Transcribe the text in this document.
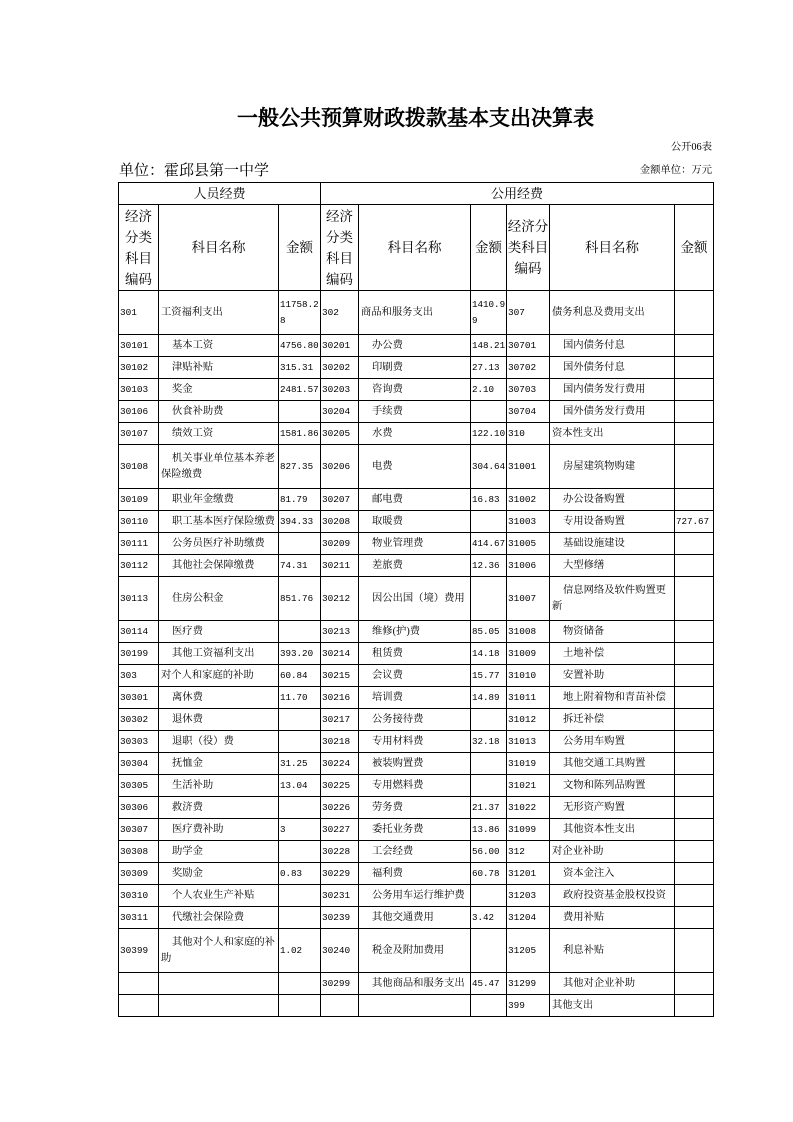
一般公共预算财政拨款基本支出决算表
公开06表
单位：霍邱县第一中学	金额单位：万元
人员经费			公用经费					
经济分类科目编码	科目名称	金额	经济分类科目编码	科目名称	金额	经济分类科目编码	科目名称	金额
301	工资福利支出	11758.28	302	商品和服务支出	1410.99	307	债务利息及费用支出	
30101	基本工资	4756.80	30201	办公费	148.21	30701	国内债务付息	
30102	津贴补贴	315.31	30202	印刷费	27.13	30702	国外债务付息	
30103	奖金	2481.57	30203	咨询费	2.10	30703	国内债务发行费用	
30106	伙食补助费		30204	手续费		30704	国外债务发行费用	
30107	绩效工资	1581.86	30205	水费	122.10	310	资本性支出	
30108	机关事业单位基本养老保险缴费	827.35	30206	电费	304.64	31001	房屋建筑物购建	
30109	职业年金缴费	81.79	30207	邮电费	16.83	31002	办公设备购置	
30110	职工基本医疗保险缴费	394.33	30208	取暖费		31003	专用设备购置	727.67
30111	公务员医疗补助缴费		30209	物业管理费	414.67	31005	基础设施建设	
30112	其他社会保障缴费	74.31	30211	差旅费	12.36	31006	大型修缮	
30113	住房公积金	851.76	30212	因公出国（境）费用		31007	信息网络及软件购置更新	
30114	医疗费		30213	维修(护)费	85.05	31008	物资储备	
30199	其他工资福利支出	393.20	30214	租赁费	14.18	31009	土地补偿	
303	对个人和家庭的补助	60.84	30215	会议费	15.77	31010	安置补助	
30301	离休费	11.70	30216	培训费	14.89	31011	地上附着物和青苗补偿	
30302	退休费		30217	公务接待费		31012	拆迁补偿	
30303	退职（役）费		30218	专用材料费	32.18	31013	公务用车购置	
30304	抚恤金	31.25	30224	被装购置费		31019	其他交通工具购置	
30305	生活补助	13.04	30225	专用燃料费		31021	文物和陈列品购置	
30306	救济费		30226	劳务费	21.37	31022	无形资产购置	
30307	医疗费补助	3	30227	委托业务费	13.86	31099	其他资本性支出	
30308	助学金		30228	工会经费	56.00	312	对企业补助	
30309	奖励金	0.83	30229	福利费	60.78	31201	资本金注入	
30310	个人农业生产补贴		30231	公务用车运行维护费		31203	政府投资基金股权投资	
30311	代缴社会保险费		30239	其他交通费用	3.42	31204	费用补贴	
30399	其他对个人和家庭的补助	1.02	30240	税金及附加费用		31205	利息补贴	
			30299	其他商品和服务支出	45.47	31299	其他对企业补助	
						399	其他支出	
